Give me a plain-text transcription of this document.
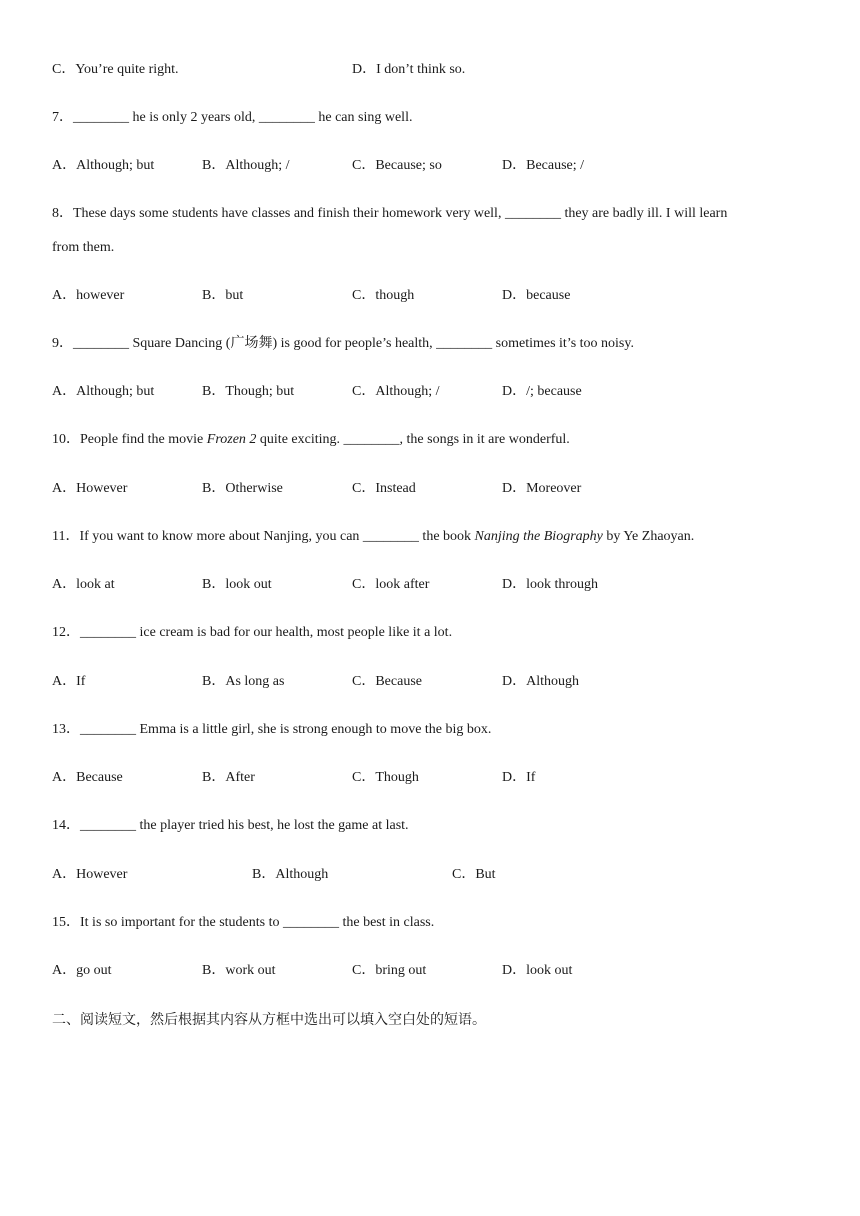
C．You’re quite right.	D．I don’t think so.
7．________ he is only 2 years old, ________ he can sing well.
A．Although; but	B．Although; /	C．Because; so	D．Because; /
8．These days some students have classes and finish their homework very well, ________ they are badly ill. I will learn
from them.
A．however	B．but	C．though	D．because
9．________ Square Dancing (广场舞) is good for people’s health, ________ sometimes it’s too noisy.
A．Although; but	B．Though; but	C．Although; /	D．/; because
10．People find the movie Frozen 2 quite exciting. ________, the songs in it are wonderful.
A．However	B．Otherwise	C．Instead	D．Moreover
11．If you want to know more about Nanjing, you can ________ the book Nanjing the Biography by Ye Zhaoyan.
A．look at	B．look out	C．look after	D．look through
12．________ ice cream is bad for our health, most people like it a lot.
A．If	B．As long as	C．Because	D．Although
13．________ Emma is a little girl, she is strong enough to move the big box.
A．Because	B．After	C．Though	D．If
14．________ the player tried his best, he lost the game at last.
A．However	B．Although	C．But
15．It is so important for the students to ________ the best in class.
A．go out	B．work out	C．bring out	D．look out
二、阅读短文，然后根据其内容从方框中选出可以填入空白处的短语。
